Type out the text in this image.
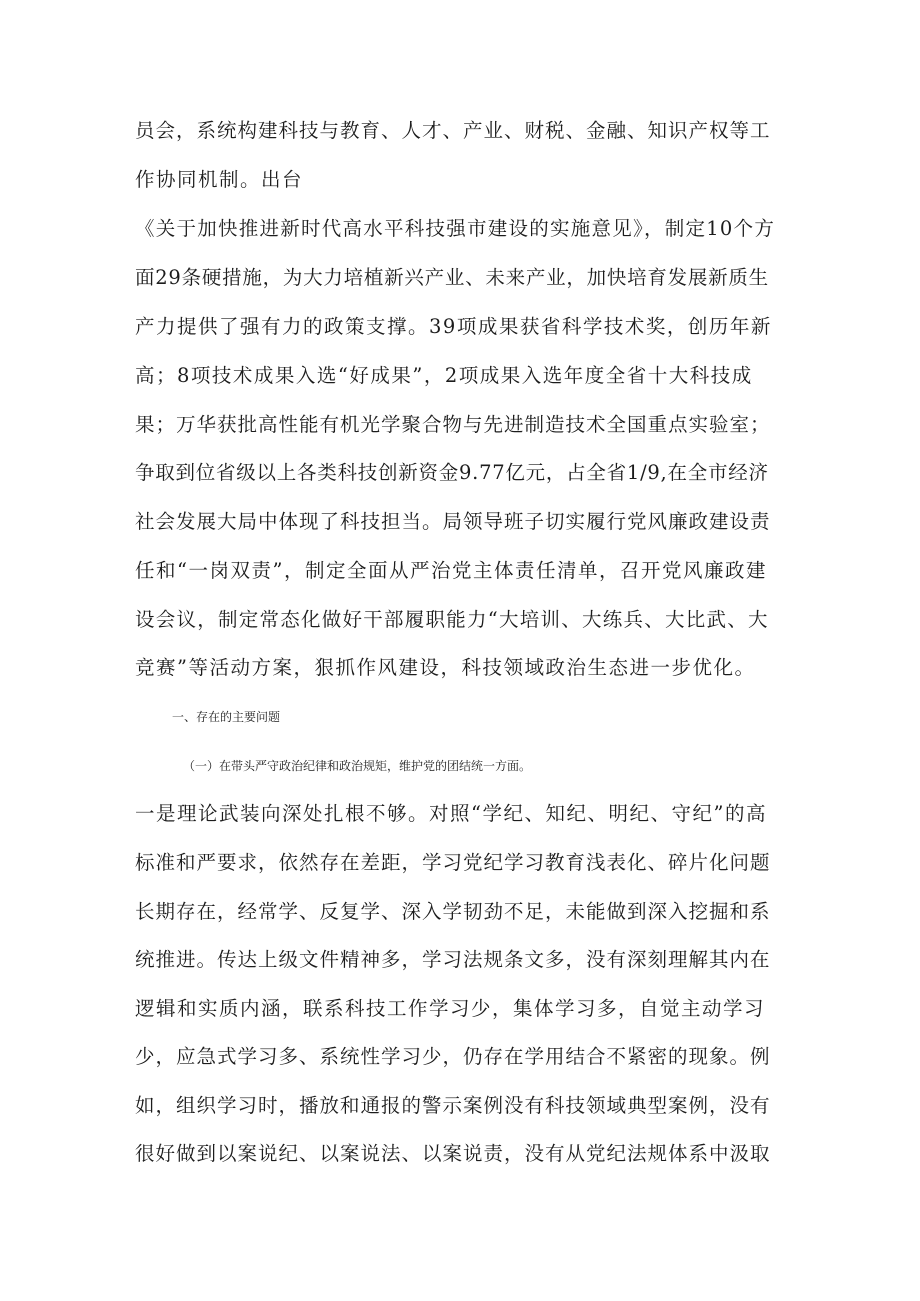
员会，系统构建科技与教育、人才、产业、财税、金融、知识产权等工
作协同机制。出台
《关于加快推进新时代高水平科技强市建设的实施意见》，制定10个方
面29条硬措施，为大力培植新兴产业、未来产业，加快培育发展新质生
产力提供了强有力的政策支撑。39项成果获省科学技术奖，创历年新
高；8项技术成果入选“好成果”，2项成果入选年度全省十大科技成
果；万华获批高性能有机光学聚合物与先进制造技术全国重点实验室；
争取到位省级以上各类科技创新资金9.77亿元，占全省1/9,在全市经济
社会发展大局中体现了科技担当。局领导班子切实履行党风廉政建设责
任和“一岗双责”，制定全面从严治党主体责任清单，召开党风廉政建
设会议，制定常态化做好干部履职能力“大培训、大练兵、大比武、大
竞赛”等活动方案，狠抓作风建设，科技领域政治生态进一步优化。
一、存在的主要问题
（一）在带头严守政治纪律和政治规矩，维护党的团结统一方面。
一是理论武装向深处扎根不够。对照“学纪、知纪、明纪、守纪”的高
标准和严要求，依然存在差距，学习党纪学习教育浅表化、碎片化问题
长期存在，经常学、反复学、深入学韧劲不足，未能做到深入挖掘和系
统推进。传达上级文件精神多，学习法规条文多，没有深刻理解其内在
逻辑和实质内涵，联系科技工作学习少，集体学习多，自觉主动学习
少，应急式学习多、系统性学习少，仍存在学用结合不紧密的现象。例
如，组织学习时，播放和通报的警示案例没有科技领域典型案例，没有
很好做到以案说纪、以案说法、以案说责，没有从党纪法规体系中汲取
